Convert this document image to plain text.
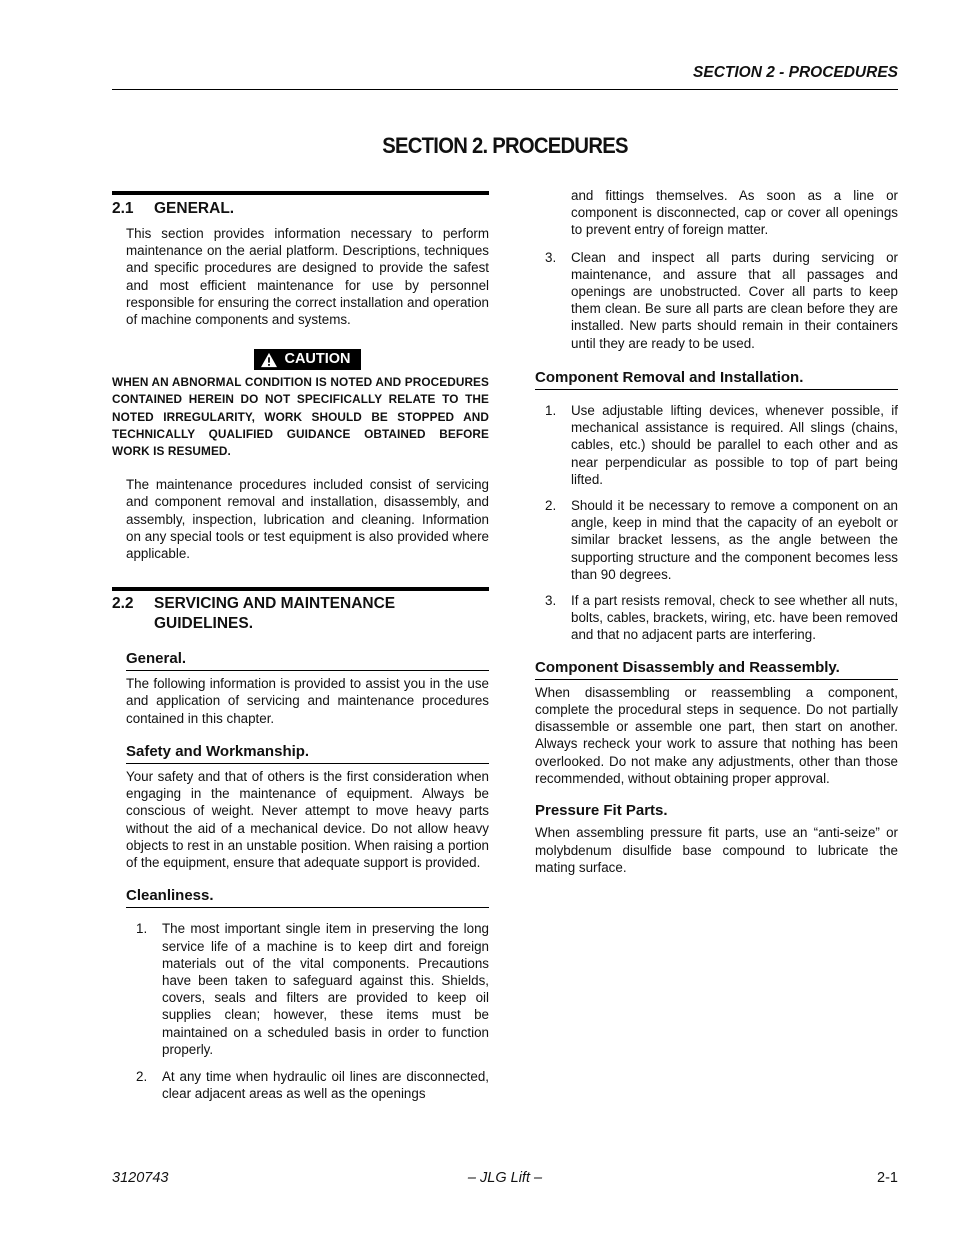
SECTION 2 - PROCEDURES
SECTION 2. PROCEDURES
2.1 GENERAL.
This section provides information necessary to perform maintenance on the aerial platform. Descriptions, techniques and specific procedures are designed to provide the safest and most efficient maintenance for use by personnel responsible for ensuring the correct installation and operation of machine components and systems.
CAUTION
WHEN AN ABNORMAL CONDITION IS NOTED AND PROCEDURES CONTAINED HEREIN DO NOT SPECIFICALLY RELATE TO THE NOTED IRREGULARITY, WORK SHOULD BE STOPPED AND TECHNICALLY QUALIFIED GUIDANCE OBTAINED BEFORE WORK IS RESUMED.
The maintenance procedures included consist of servicing and component removal and installation, disassembly, and assembly, inspection, lubrication and cleaning. Information on any special tools or test equipment is also provided where applicable.
2.2	SERVICING AND MAINTENANCE GUIDELINES.
General.
The following information is provided to assist you in the use and application of servicing and maintenance procedures contained in this chapter.
Safety and Workmanship.
Your safety and that of others is the first consideration when engaging in the maintenance of equipment. Always be conscious of weight. Never attempt to move heavy parts without the aid of a mechanical device. Do not allow heavy objects to rest in an unstable position. When raising a portion of the equipment, ensure that adequate support is provided.
Cleanliness.
1.	The most important single item in preserving the long service life of a machine is to keep dirt and foreign materials out of the vital components. Precautions have been taken to safeguard against this. Shields, covers, seals and filters are provided to keep oil supplies clean; however, these items must be maintained on a scheduled basis in order to function properly.
2.	At any time when hydraulic oil lines are disconnected, clear adjacent areas as well as the openings
and fittings themselves. As soon as a line or component is disconnected, cap or cover all openings to prevent entry of foreign matter.
3.	Clean and inspect all parts during servicing or maintenance, and assure that all passages and openings are unobstructed. Cover all parts to keep them clean. Be sure all parts are clean before they are installed. New parts should remain in their containers until they are ready to be used.
Component Removal and Installation.
1.	Use adjustable lifting devices, whenever possible, if mechanical assistance is required. All slings (chains, cables, etc.) should be parallel to each other and as near perpendicular as possible to top of part being lifted.
2.	Should it be necessary to remove a component on an angle, keep in mind that the capacity of an eyebolt or similar bracket lessens, as the angle between the supporting structure and the component becomes less than 90 degrees.
3.	If a part resists removal, check to see whether all nuts, bolts, cables, brackets, wiring, etc. have been removed and that no adjacent parts are interfering.
Component Disassembly and Reassembly.
When disassembling or reassembling a component, complete the procedural steps in sequence. Do not partially disassemble or assemble one part, then start on another. Always recheck your work to assure that nothing has been overlooked. Do not make any adjustments, other than those recommended, without obtaining proper approval.
Pressure Fit Parts.
When assembling pressure fit parts, use an “anti-seize” or molybdenum disulfide base compound to lubricate the mating surface.
3120743	– JLG Lift –	2-1
